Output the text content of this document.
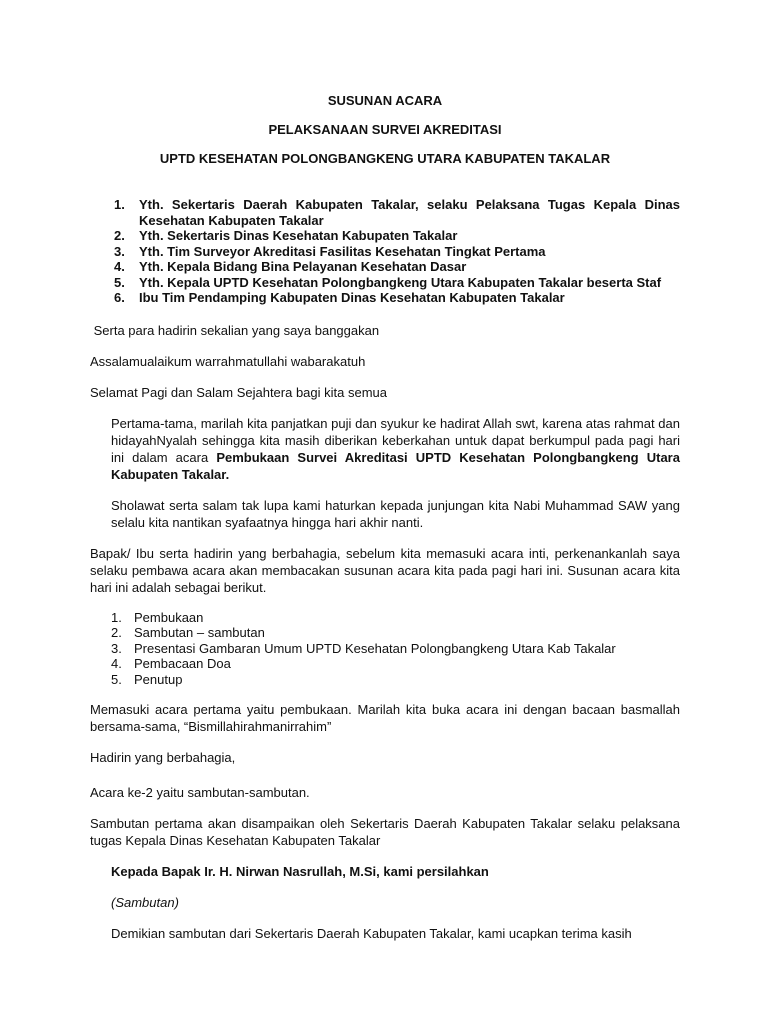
SUSUNAN ACARA

PELAKSANAAN SURVEI AKREDITASI

UPTD KESEHATAN POLONGBANGKENG UTARA KABUPATEN TAKALAR

1. Yth. Sekertaris Daerah Kabupaten Takalar, selaku Pelaksana Tugas Kepala Dinas Kesehatan Kabupaten Takalar
2. Yth. Sekertaris Dinas Kesehatan Kabupaten Takalar
3. Yth. Tim Surveyor Akreditasi Fasilitas Kesehatan Tingkat Pertama
4. Yth. Kepala Bidang Bina Pelayanan Kesehatan Dasar
5. Yth. Kepala UPTD Kesehatan Polongbangkeng Utara Kabupaten Takalar beserta Staf
6. Ibu Tim Pendamping Kabupaten Dinas Kesehatan Kabupaten Takalar

Serta para hadirin sekalian yang saya banggakan

Assalamualaikum warrahmatullahi wabarakatuh

Selamat Pagi dan Salam Sejahtera bagi kita semua

Pertama-tama, marilah kita panjatkan puji dan syukur ke hadirat Allah swt, karena atas rahmat dan hidayahNyalah sehingga kita masih diberikan keberkahan untuk dapat berkumpul pada pagi hari ini dalam acara Pembukaan Survei Akreditasi UPTD Kesehatan Polongbangkeng Utara Kabupaten Takalar.

Sholawat serta salam tak lupa kami haturkan kepada junjungan kita Nabi Muhammad SAW yang selalu kita nantikan syafaatnya hingga hari akhir nanti.

Bapak/ Ibu serta hadirin yang berbahagia, sebelum kita memasuki acara inti, perkenankanlah saya selaku pembawa acara akan membacakan susunan acara kita pada pagi hari ini. Susunan acara kita hari ini adalah sebagai berikut.

1. Pembukaan
2. Sambutan – sambutan
3. Presentasi Gambaran Umum UPTD Kesehatan Polongbangkeng Utara Kab Takalar
4. Pembacaan Doa
5. Penutup

Memasuki acara pertama yaitu pembukaan. Marilah kita buka acara ini dengan bacaan basmallah bersama-sama, “Bismillahirahmanirrahim”

Hadirin yang berbahagia,

Acara ke-2 yaitu sambutan-sambutan.

Sambutan pertama akan disampaikan oleh Sekertaris Daerah Kabupaten Takalar selaku pelaksana tugas Kepala Dinas Kesehatan Kabupaten Takalar

Kepada Bapak Ir. H. Nirwan Nasrullah, M.Si, kami persilahkan

(Sambutan)

Demikian sambutan dari Sekertaris Daerah Kabupaten Takalar, kami ucapkan terima kasih
